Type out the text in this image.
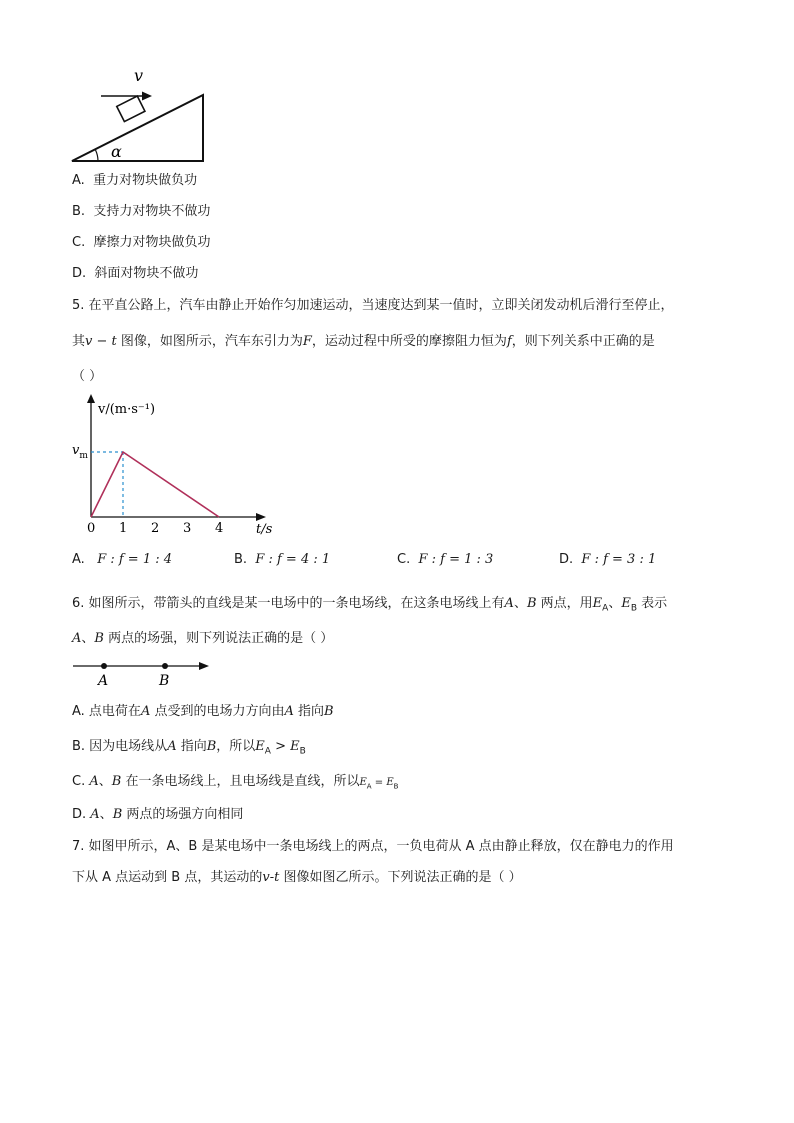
v
α
A. 重力对物块做负功
B. 支持力对物块不做功
C. 摩擦力对物块做负功
D. 斜面对物块不做功
5. 在平直公路上，汽车由静止开始作匀加速运动，当速度达到某一值时，立即关闭发动机后滑行至停止，
其v − t 图像，如图所示，汽车东引力为F，运动过程中所受的摩擦阻力恒为f，则下列关系中正确的是
（ ）
v/(m·s⁻¹)
$v_m$
0 1 2 3 4	t/s
A. F : f = 1 : 4	B. F : f = 4 : 1	C. F : f = 1 : 3	D. F : f = 3 : 1
6. 如图所示，带箭头的直线是某一电场中的一条电场线，在这条电场线上有A、B 两点，用$E_A$、$E_B$ 表示
A、B 两点的场强，则下列说法正确的是（ ）
A	B
A. 点电荷在A 点受到的电场力方向由A 指向B
B. 因为电场线从A 指向B，所以$E_A > E_B$
C. A、B 在一条电场线上，且电场线是直线，所以$E_A = E_B$
D. A、B 两点的场强方向相同
7. 如图甲所示，A、B 是某电场中一条电场线上的两点，一负电荷从 A 点由静止释放，仅在静电力的作用
下从 A 点运动到 B 点，其运动的v-t 图像如图乙所示。下列说法正确的是（ ）
